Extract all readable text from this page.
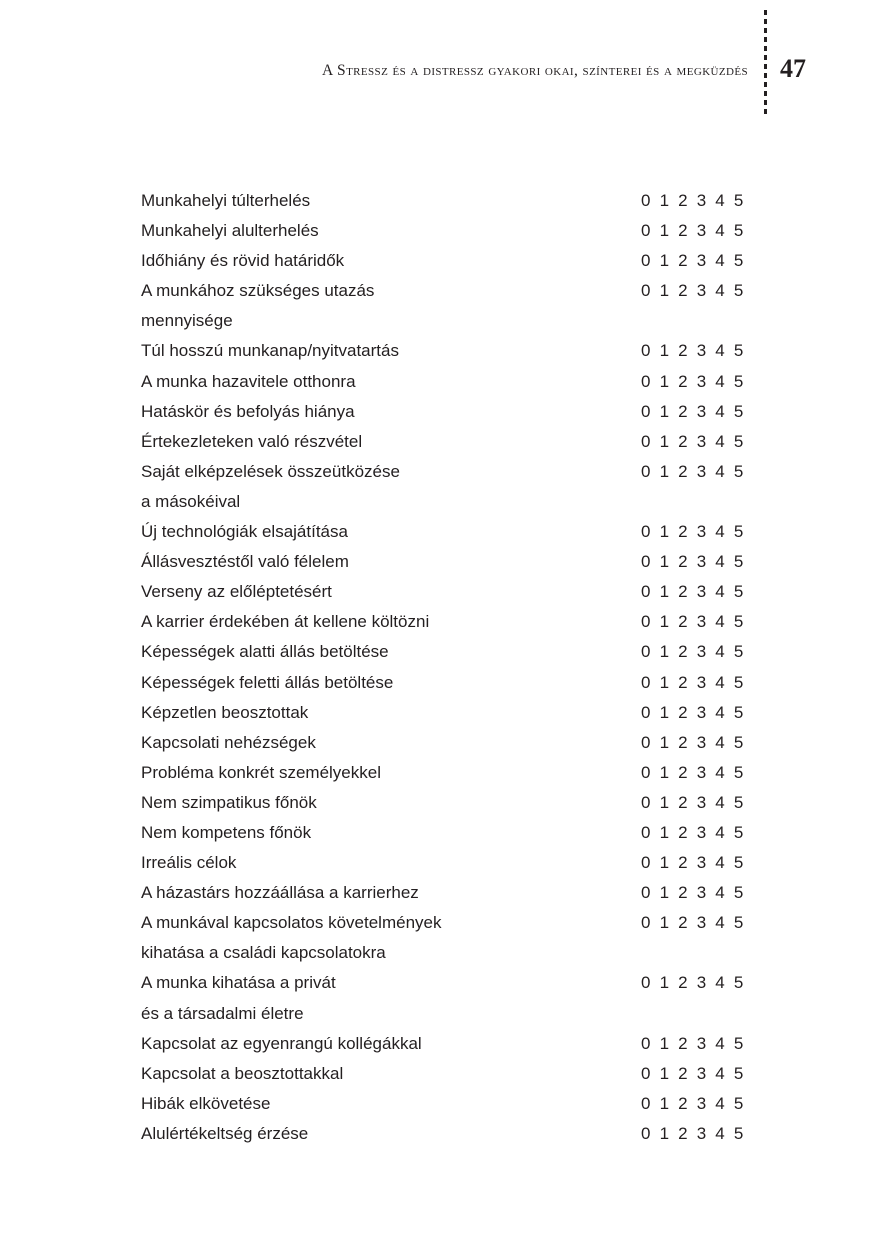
A Stressz és a distressz gyakori okai, színterei és a megküzdés 47
Munkahelyi túlterhelés	0 1 2 3 4 5
Munkahelyi alulterhelés	0 1 2 3 4 5
Időhiány és rövid határidők	0 1 2 3 4 5
A munkához szükséges utazás	0 1 2 3 4 5
mennyisége
Túl hosszú munkanap/nyitvatartás	0 1 2 3 4 5
A munka hazavitele otthonra	0 1 2 3 4 5
Hatáskör és befolyás hiánya	0 1 2 3 4 5
Értekezleteken való részvétel	0 1 2 3 4 5
Saját elképzelések összeütközése	0 1 2 3 4 5
a másokéival
Új technológiák elsajátítása	0 1 2 3 4 5
Állásvesztéstől való félelem	0 1 2 3 4 5
Verseny az előléptetésért	0 1 2 3 4 5
A karrier érdekében át kellene költözni	0 1 2 3 4 5
Képességek alatti állás betöltése	0 1 2 3 4 5
Képességek feletti állás betöltése	0 1 2 3 4 5
Képzetlen beosztottak	0 1 2 3 4 5
Kapcsolati nehézségek	0 1 2 3 4 5
Probléma konkrét személyekkel	0 1 2 3 4 5
Nem szimpatikus főnök	0 1 2 3 4 5
Nem kompetens főnök	0 1 2 3 4 5
Irreális célok	0 1 2 3 4 5
A házastárs hozzáállása a karrierhez	0 1 2 3 4 5
A munkával kapcsolatos követelmények	0 1 2 3 4 5
kihatása a családi kapcsolatokra
A munka kihatása a privát	0 1 2 3 4 5
és a társadalmi életre
Kapcsolat az egyenrangú kollégákkal	0 1 2 3 4 5
Kapcsolat a beosztottakkal	0 1 2 3 4 5
Hibák elkövetése	0 1 2 3 4 5
Alulértékeltség érzése	0 1 2 3 4 5
